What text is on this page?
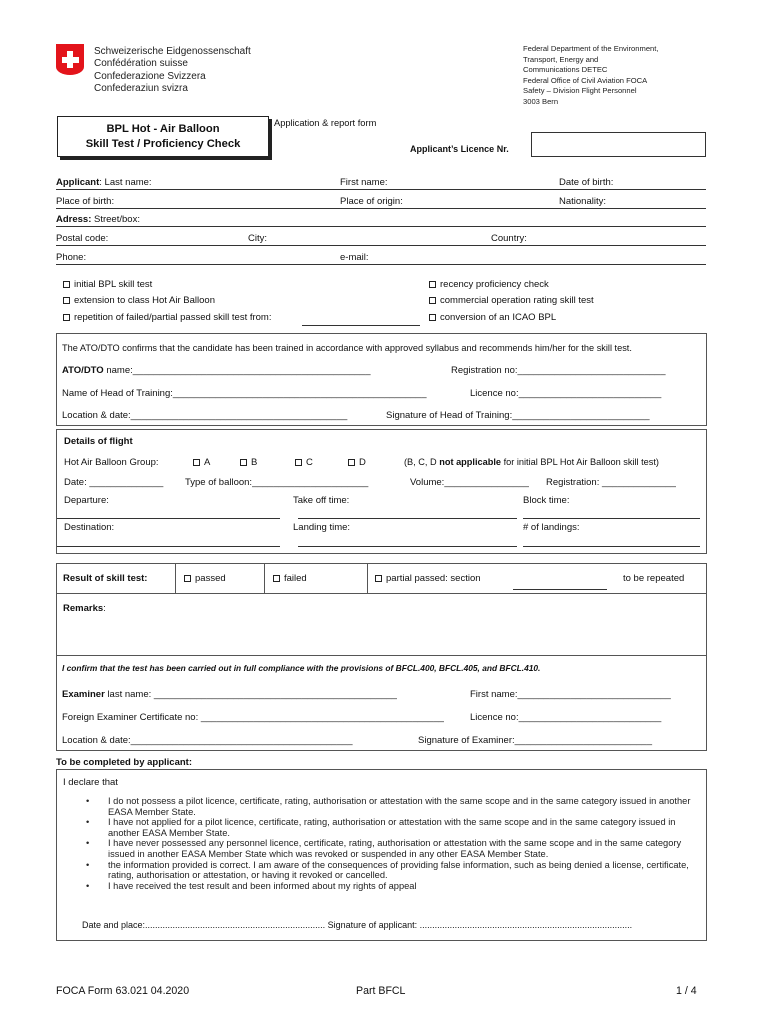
Schweizerische Eidgenossenschaft
Confédération suisse
Confederazione Svizzera
Confederaziun svizra
Federal Department of the Environment,
Transport, Energy and
Communications DETEC
Federal Office of Civil Aviation FOCA
Safety – Division Flight Personnel
3003 Bern
BPL Hot - Air Balloon
Skill Test / Proficiency Check
Application & report form
Applicant’s Licence Nr.
Applicant: Last name:	First name:	Date of birth:
Place of birth:	Place of origin:	Nationality:
Adress: Street/box:
Postal code:	City:	Country:
Phone:	e-mail:
initial BPL skill test
extension to class Hot Air Balloon
repetition of failed/partial passed skill test from:
recency proficiency check
commercial operation rating skill test
conversion of an ICAO BPL
The ATO/DTO confirms that the candidate has been trained in accordance with approved syllabus and recommends him/her for the skill test.
ATO/DTO name:_____________________________________________	Registration no:____________________________
Name of Head of Training:________________________________________________	Licence no:___________________________
Location & date:_________________________________________	Signature of Head of Training:__________________________
Details of flight
Hot Air Balloon Group:	A	B	C	D	(B, C, D not applicable for initial BPL Hot Air Balloon skill test)
Date: ______________ Type of balloon:______________________	Volume:________________ Registration: ______________
Departure:	Take off time:	Block time:
Destination:	Landing time:	# of landings:
Result of skill test:	passed	failed	partial passed: section	to be repeated
Remarks:
I confirm that the test has been carried out in full compliance with the provisions of BFCL.400, BFCL.405, and BFCL.410.
Examiner last name: ______________________________________________	First name:_____________________________
Foreign Examiner Certificate no: ______________________________________________	Licence no:___________________________
Location & date:__________________________________________	Signature of Examiner:__________________________
To be completed by applicant:
I declare that
• I do not possess a pilot licence, certificate, rating, authorisation or attestation with the same scope and in the same category issued in another EASA Member State.
• I have not applied for a pilot licence, certificate, rating, authorisation or attestation with the same scope and in the same category issued in another EASA Member State.
• I have never possessed any personnel licence, certificate, rating, authorisation or attestation with the same scope and in the same category issued in another EASA Member State which was revoked or suspended in any other EASA Member State.
• the information provided is correct. I am aware of the consequences of providing false information, such as being denied a license, certificate, rating, authorisation or attestation, or having it revoked or cancelled.
• I have received the test result and been informed about my rights of appeal
Date and place:........................................................................ Signature of applicant: .....................................................................................
FOCA Form 63.021 04.2020	Part BFCL	1 / 4
